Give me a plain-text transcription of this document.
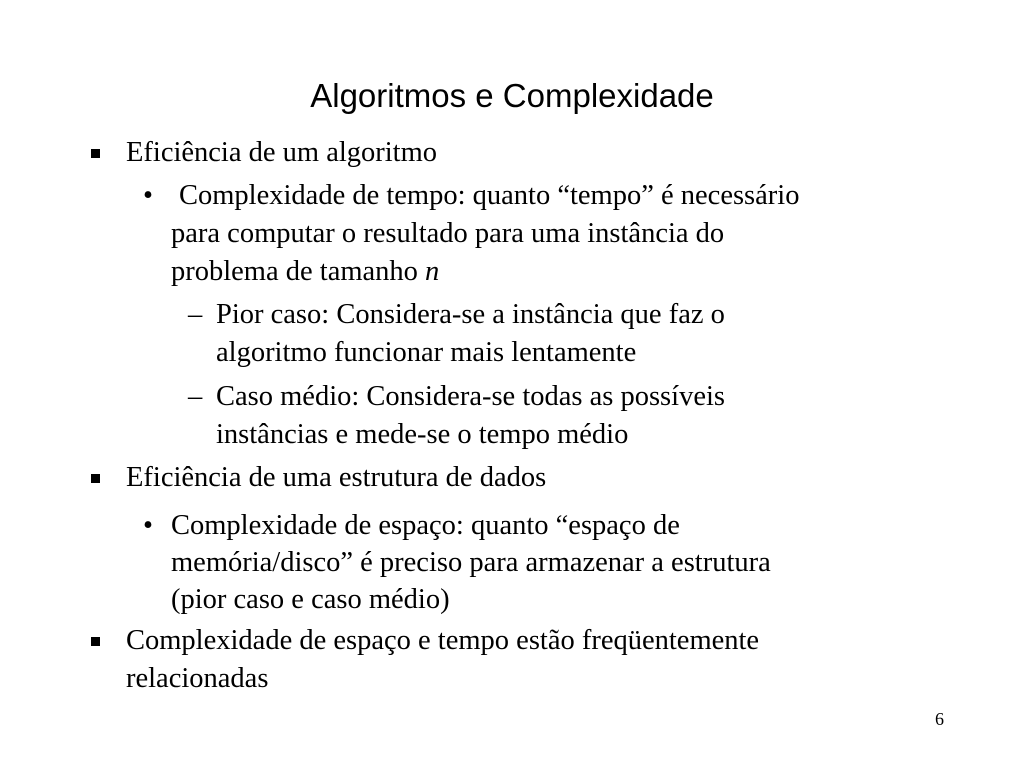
Algoritmos e Complexidade
Eficiência de um algoritmo
• Complexidade de tempo: quanto “tempo” é necessário
para computar o resultado para uma instância do
problema de tamanho n
– Pior caso: Considera-se a instância que faz o
algoritmo funcionar mais lentamente
– Caso médio: Considera-se todas as possíveis
instâncias e mede-se o tempo médio
Eficiência de uma estrutura de dados
• Complexidade de espaço: quanto “espaço de
memória/disco” é preciso para armazenar a estrutura
(pior caso e caso médio)
Complexidade de espaço e tempo estão freqüentemente
relacionadas
6
